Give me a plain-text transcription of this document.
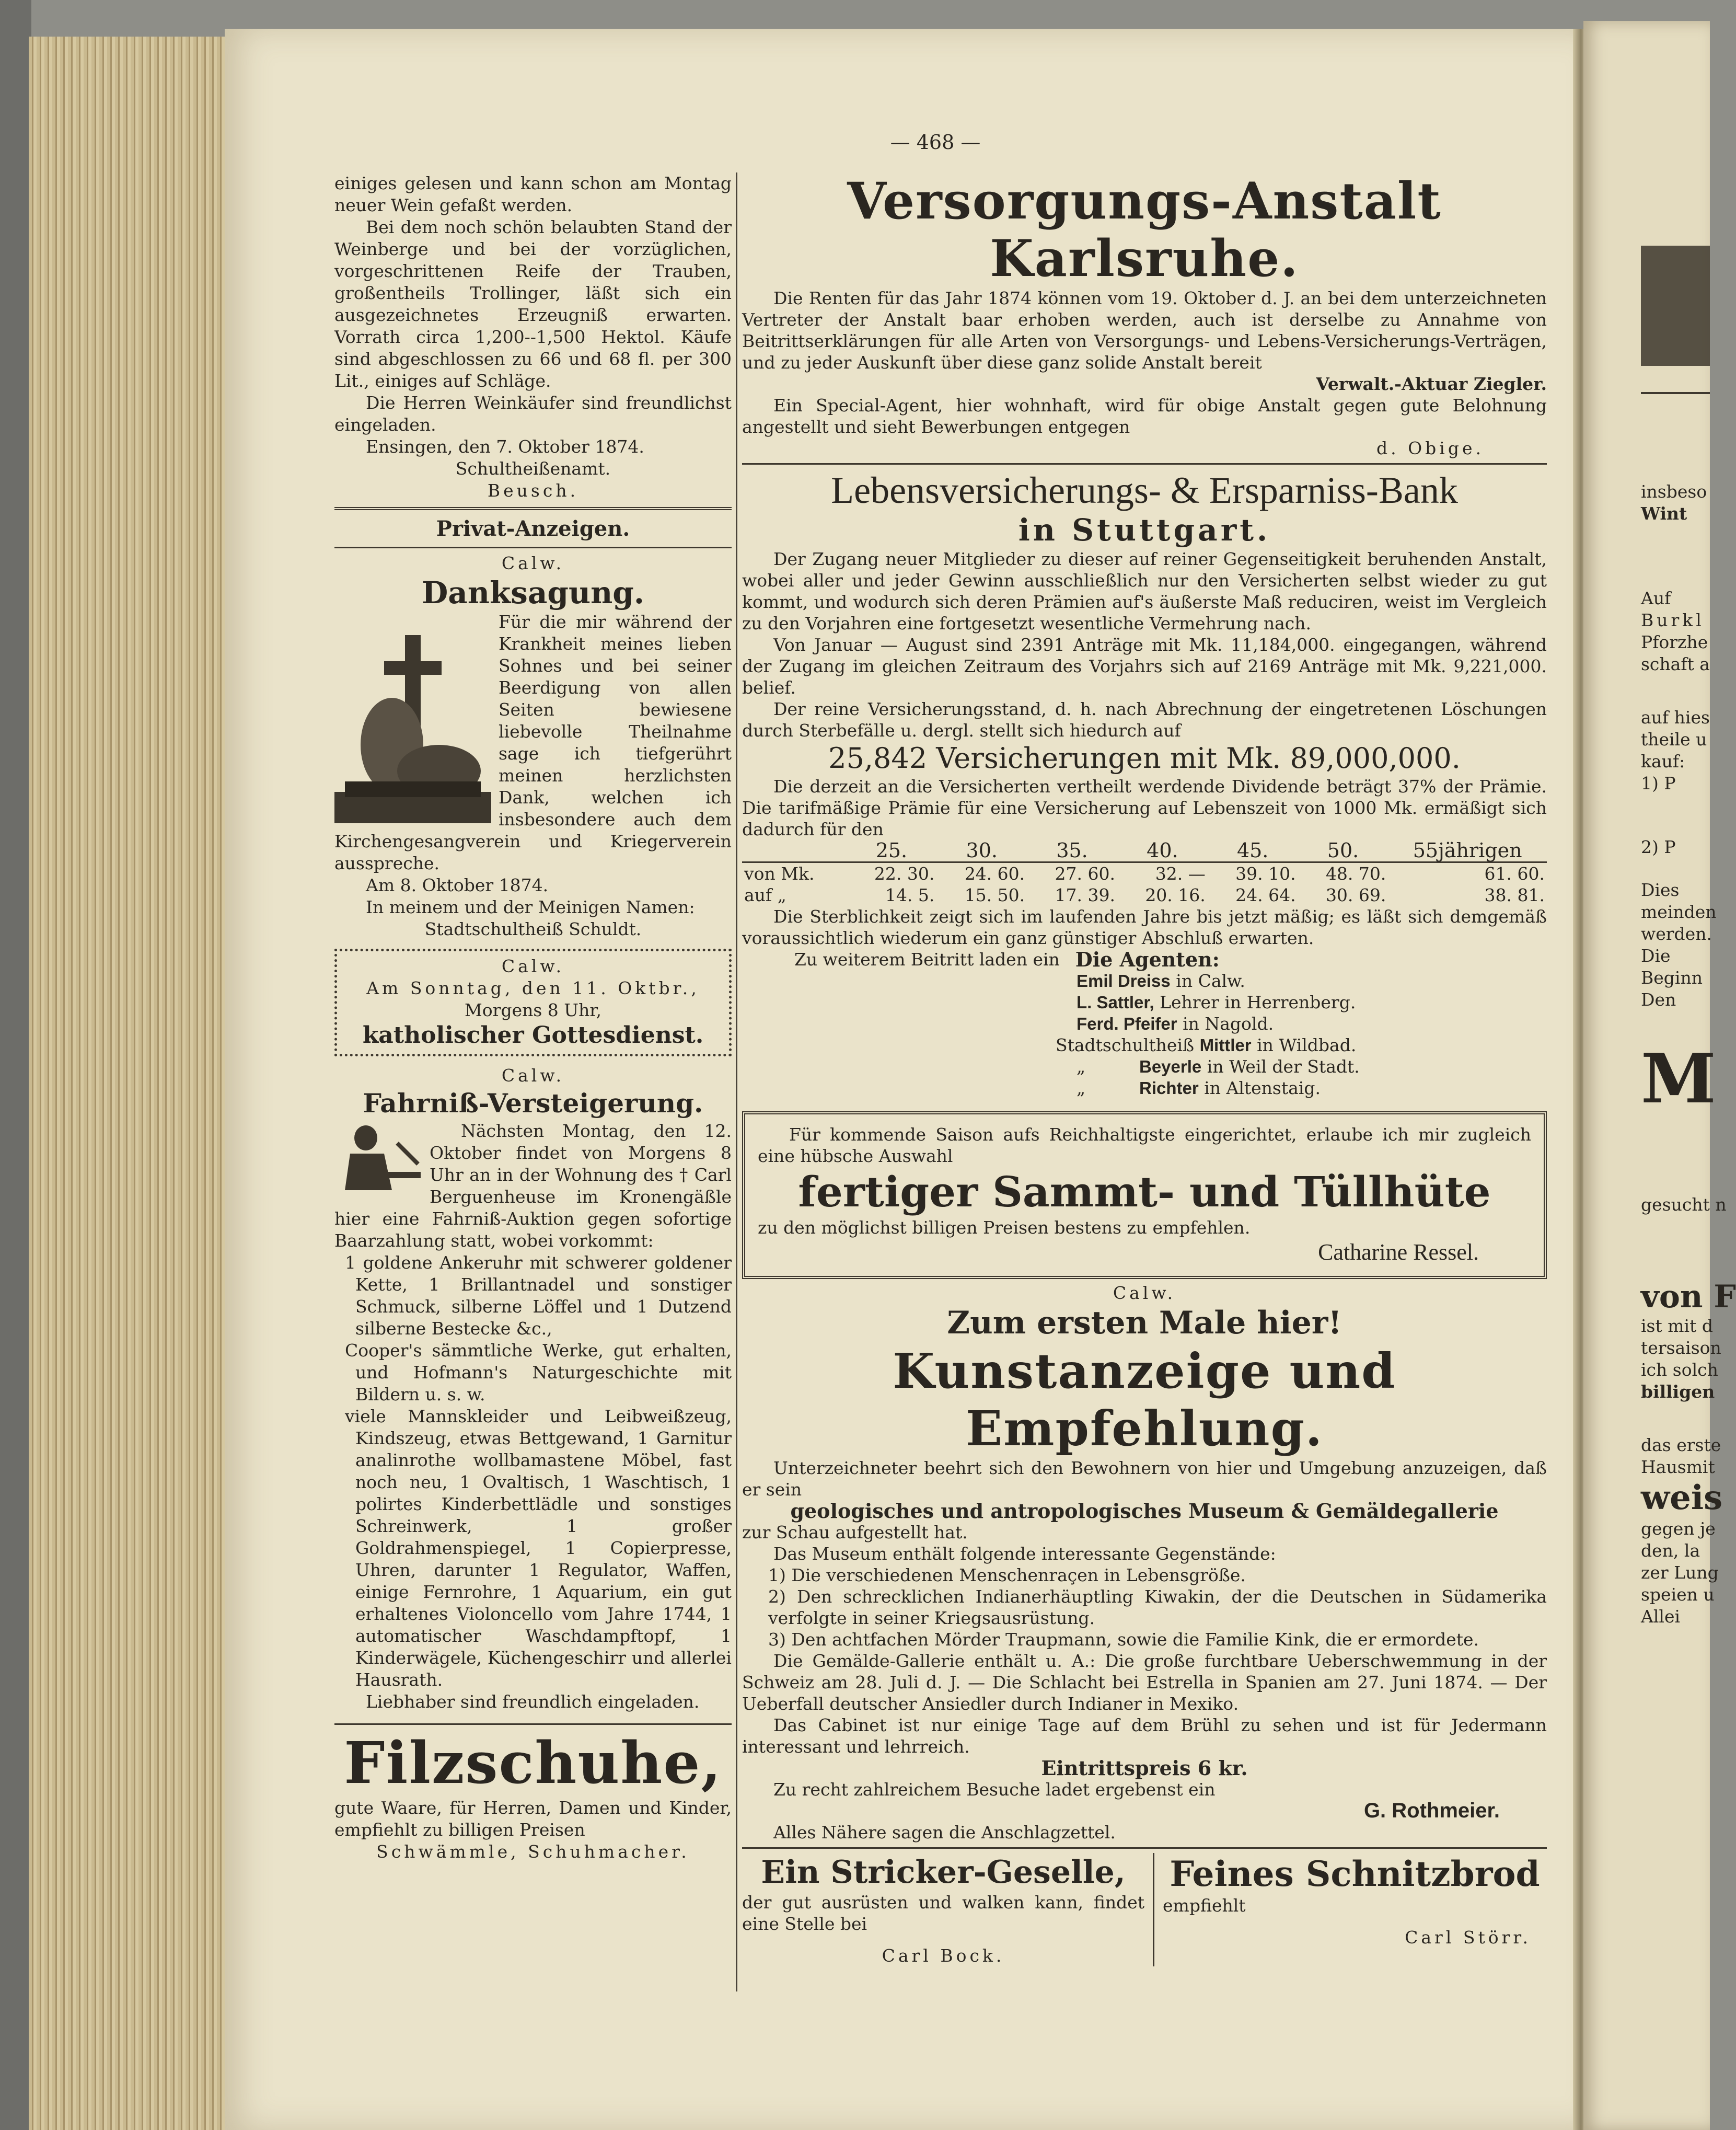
— 468 —

einiges gelesen und kann schon am Montag neuer Wein gefaßt werden.

Bei dem noch schön belaubten Stand der Weinberge und bei der vorzüglichen, vorgeschrittenen Reife der Trauben, großentheils Trollinger, läßt sich ein ausgezeichnetes Erzeugniß erwarten. Vorrath circa 1,200--1,500 Hektol. Käufe sind abgeschlossen zu 66 und 68 fl. per 300 Lit., einiges auf Schläge.

Die Herren Weinkäufer sind freundlichst eingeladen.

Ensingen, den 7. Oktober 1874.

Schultheißenamt.

Beusch.

Privat-Anzeigen.

Calw.

Danksagung.

Für die mir während der Krankheit meines lieben Sohnes und bei seiner Beerdigung von allen Seiten bewiesene liebevolle Theilnahme sage ich tiefgerührt meinen herzlichsten Dank, welchen ich insbesondere auch dem Kirchengesangverein und Kriegerverein ausspreche.

Am 8. Oktober 1874.

In meinem und der Meinigen Namen:

Stadtschultheiß Schuldt.

Calw.

Am Sonntag, den 11. Oktbr.,

Morgens 8 Uhr,

katholischer Gottesdienst.

Calw.

Fahrniß-Versteigerung.

Nächsten Montag, den 12. Oktober findet von Morgens 8 Uhr an in der Wohnung des † Carl Berguenheuse im Kronengäßle hier eine Fahrniß-Auktion gegen sofortige Baarzahlung statt, wobei vorkommt:

1 goldene Ankeruhr mit schwerer goldener Kette, 1 Brillantnadel und sonstiger Schmuck, silberne Löffel und 1 Dutzend silberne Bestecke &c.,

Cooper's sämmtliche Werke, gut erhalten, und Hofmann's Naturgeschichte mit Bildern u. s. w.

viele Mannskleider und Leibweißzeug, Kindszeug, etwas Bettgewand, 1 Garnitur analinrothe wollbamastene Möbel, fast noch neu, 1 Ovaltisch, 1 Waschtisch, 1 polirtes Kinderbettlädle und sonstiges Schreinwerk, 1 großer Goldrahmenspiegel, 1 Copierpresse, Uhren, darunter 1 Regulator, Waffen, einige Fernrohre, 1 Aquarium, ein gut erhaltenes Violoncello vom Jahre 1744, 1 automatischer Waschdampftopf, 1 Kinderwägele, Küchengeschirr und allerlei Hausrath.

Liebhaber sind freundlich eingeladen.

Filzschuhe,

gute Waare, für Herren, Damen und Kinder, empfiehlt zu billigen Preisen

Schwämmle, Schuhmacher.

Versorgungs-Anstalt Karlsruhe.

Die Renten für das Jahr 1874 können vom 19. Oktober d. J. an bei dem unterzeichneten Vertreter der Anstalt baar erhoben werden, auch ist derselbe zu Annahme von Beitrittserklärungen für alle Arten von Versorgungs- und Lebens-Versicherungs-Verträgen, und zu jeder Auskunft über diese ganz solide Anstalt bereit

Verwalt.-Aktuar Ziegler.

Ein Special-Agent, hier wohnhaft, wird für obige Anstalt gegen gute Belohnung angestellt und sieht Bewerbungen entgegen

d. Obige.

Lebensversicherungs- & Ersparniss-Bank

in Stuttgart.

Der Zugang neuer Mitglieder zu dieser auf reiner Gegenseitigkeit beruhenden Anstalt, wobei aller und jeder Gewinn ausschließlich nur den Versicherten selbst wieder zu gut kommt, und wodurch sich deren Prämien auf's äußerste Maß reduciren, weist im Vergleich zu den Vorjahren eine fortgesetzt wesentliche Vermehrung nach.

Von Januar — August sind 2391 Anträge mit Mk. 11,184,000. eingegangen, während der Zugang im gleichen Zeitraum des Vorjahrs sich auf 2169 Anträge mit Mk. 9,221,000. belief.

Der reine Versicherungsstand, d. h. nach Abrechnung der eingetretenen Löschungen durch Sterbefälle u. dergl. stellt sich hiedurch auf

25,842 Versicherungen mit Mk. 89,000,000.

Die derzeit an die Versicherten vertheilt werdende Dividende beträgt 37% der Prämie. Die tarifmäßige Prämie für eine Versicherung auf Lebenszeit von 1000 Mk. ermäßigt sich dadurch für den

	25.	30.	35.	40.	45.	50.	55jährigen
von Mk.	22. 30.	24. 60.	27. 60.	32. —	39. 10.	48. 70.	61. 60.
auf „	14. 5.	15. 50.	17. 39.	20. 16.	24. 64.	30. 69.	38. 81.

Die Sterblichkeit zeigt sich im laufenden Jahre bis jetzt mäßig; es läßt sich demgemäß voraussichtlich wiederum ein ganz günstiger Abschluß erwarten.

Zu weiterem Beitritt laden ein Die Agenten:
Emil Dreiss in Calw.
L. Sattler, Lehrer in Herrenberg.
Ferd. Pfeifer in Nagold.
Stadtschultheiß Mittler in Wildbad.
„	Beyerle in Weil der Stadt.
„	Richter in Altenstaig.

Für kommende Saison aufs Reichhaltigste eingerichtet, erlaube ich mir zugleich eine hübsche Auswahl

fertiger Sammt- und Tüllhüte

zu den möglichst billigen Preisen bestens zu empfehlen.

Catharine Ressel.

Calw.

Zum ersten Male hier!

Kunstanzeige und Empfehlung.

Unterzeichneter beehrt sich den Bewohnern von hier und Umgebung anzuzeigen, daß er sein

geologisches und antropologisches Museum & Gemäldegallerie

zur Schau aufgestellt hat.

Das Museum enthält folgende interessante Gegenstände:

1) Die verschiedenen Menschenraçen in Lebensgröße.

2) Den schrecklichen Indianerhäuptling Kiwakin, der die Deutschen in Südamerika verfolgte in seiner Kriegsausrüstung.

3) Den achtfachen Mörder Traupmann, sowie die Familie Kink, die er ermordete.

Die Gemälde-Gallerie enthält u. A.: Die große furchtbare Ueberschwemmung in der Schweiz am 28. Juli d. J. — Die Schlacht bei Estrella in Spanien am 27. Juni 1874. — Der Ueberfall deutscher Ansiedler durch Indianer in Mexiko.

Das Cabinet ist nur einige Tage auf dem Brühl zu sehen und ist für Jedermann interessant und lehrreich.

Eintrittspreis 6 kr.

Zu recht zahlreichem Besuche ladet ergebenst ein

G. Rothmeier.

Alles Nähere sagen die Anschlagzettel.

Ein Stricker-Geselle,

der gut ausrüsten und walken kann, findet eine Stelle bei

Carl Bock.

Feines Schnitzbrod

empfiehlt

Carl Störr.

insbeso
Wint
Auf
Burkl
Pforzhe
schaft a
auf hies
theile u
kauf:
1) P
2) P
Dies
meinden
werden.
Die
Beginn
Den
M
gesucht n
von F
ist mit d
tersaison
ich solch
billigen
das erste
Hausmit
weis
gegen je
den, la
zer Lung
speien u
Allei
